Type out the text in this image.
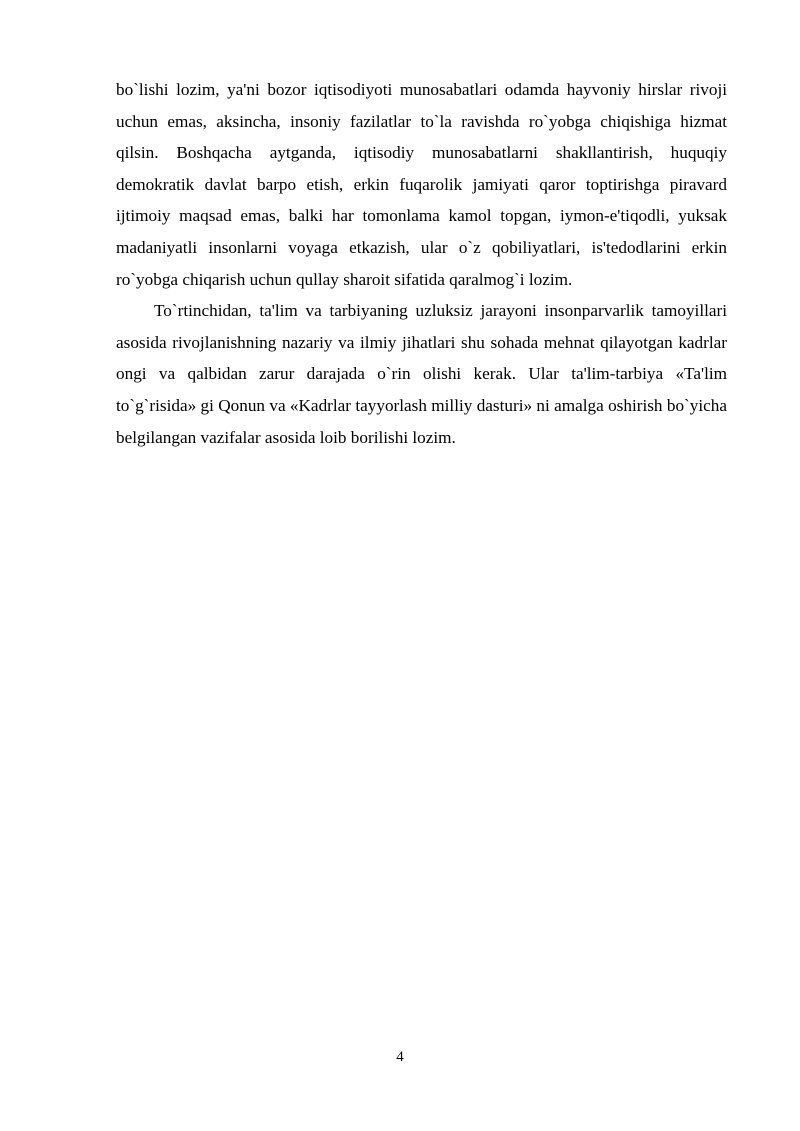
bo`lishi lozim, ya'ni bozor iqtisodiyoti munosabatlari odamda hayvoniy hirslar rivoji uchun emas, aksincha, insoniy fazilatlar to`la ravishda ro`yobga chiqishiga hizmat qilsin. Boshqacha aytganda, iqtisodiy munosabatlarni shakllantirish, huquqiy demokratik davlat barpo etish, erkin fuqarolik jamiyati qaror toptirishga piravard ijtimoiy maqsad emas, balki har tomonlama kamol topgan, iymon-e'tiqodli, yuksak madaniyatli insonlarni voyaga etkazish, ular o`z qobiliyatlari, is'tedodlarini erkin ro`yobga chiqarish uchun qullay sharoit sifatida qaralmog`i lozim.

To`rtinchidan, ta'lim va tarbiyaning uzluksiz jarayoni insonparvarlik tamoyillari asosida rivojlanishning nazariy va ilmiy jihatlari shu sohada mehnat qilayotgan kadrlar ongi va qalbidan zarur darajada o`rin olishi kerak. Ular ta'lim-tarbiya «Ta'lim to`g`risida» gi Qonun va «Kadrlar tayyorlash milliy dasturi» ni amalga oshirish bo`yicha belgilangan vazifalar asosida loib borilishi lozim.

4
